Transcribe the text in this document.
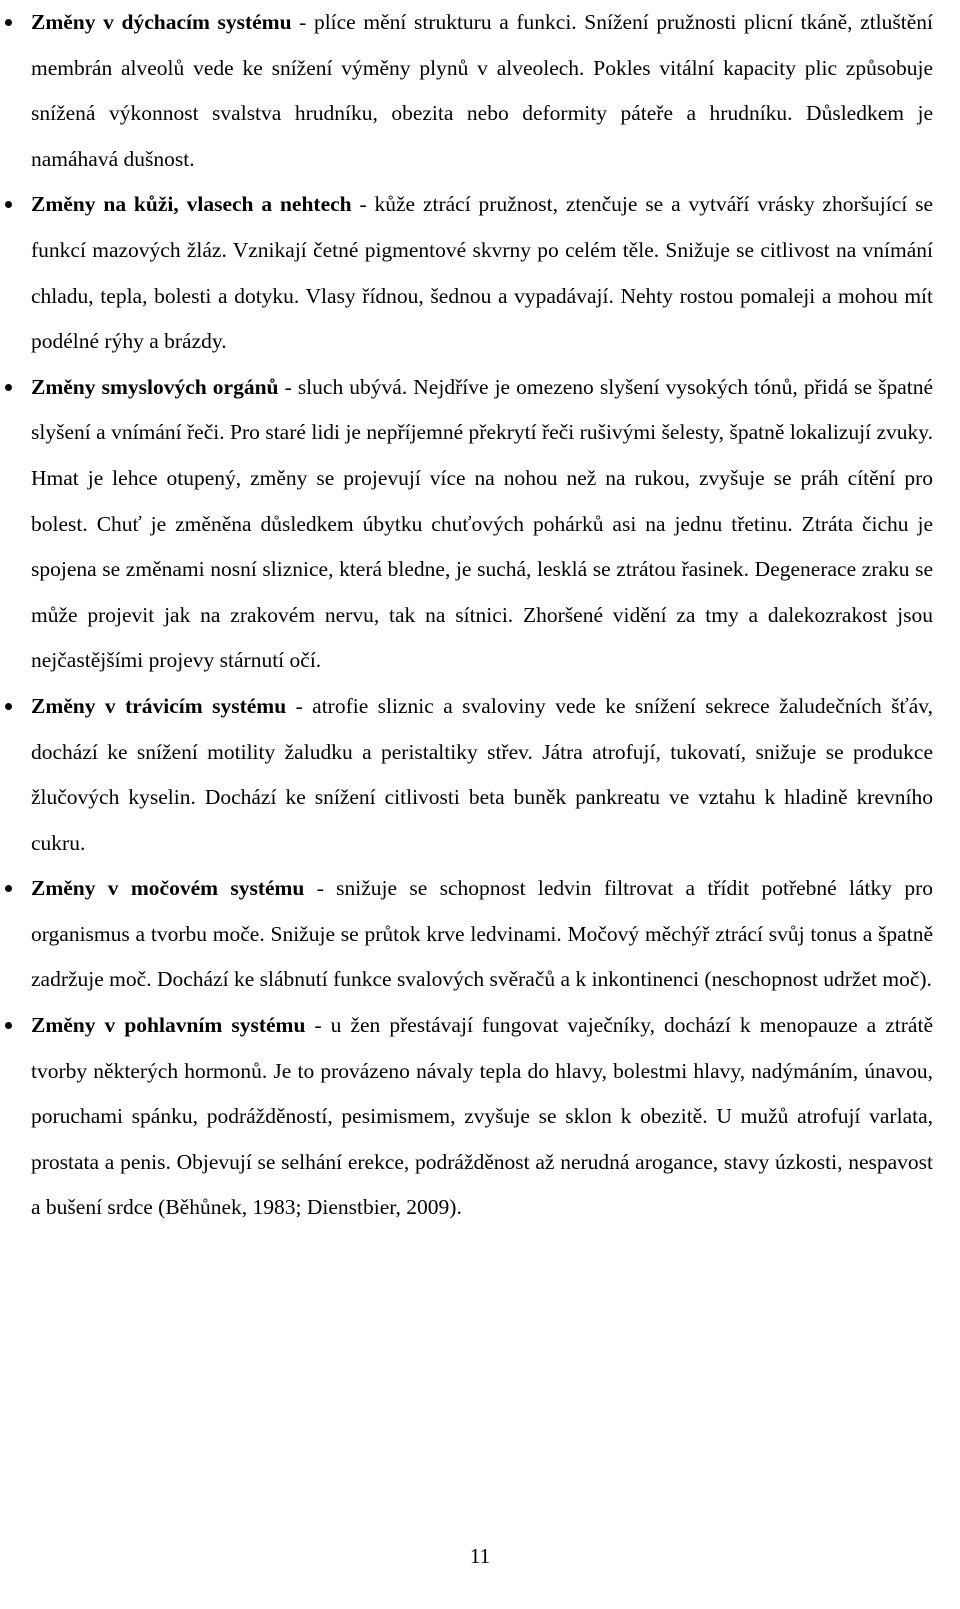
Změny v dýchacím systému - plíce mění strukturu a funkci. Snížení pružnosti plicní tkáně, ztluštění membrán alveolů vede ke snížení výměny plynů v alveolech. Pokles vitální kapacity plic způsobuje snížená výkonnost svalstva hrudníku, obezita nebo deformity páteře a hrudníku. Důsledkem je namáhavá dušnost.
Změny na kůži, vlasech a nehtech - kůže ztrácí pružnost, ztenčuje se a vytváří vrásky zhoršující se funkcí mazových žláz. Vznikají četné pigmentové skvrny po celém těle. Snižuje se citlivost na vnímání chladu, tepla, bolesti a dotyku. Vlasy řídnou, šednou a vypadávají. Nehty rostou pomaleji a mohou mít podélné rýhy a brázdy.
Změny smyslových orgánů - sluch ubývá. Nejdříve je omezeno slyšení vysokých tónů, přidá se špatné slyšení a vnímání řeči. Pro staré lidi je nepříjemné překrytí řeči rušivými šelesty, špatně lokalizují zvuky. Hmat je lehce otupený, změny se projevují více na nohou než na rukou, zvyšuje se práh cítění pro bolest. Chuť je změněna důsledkem úbytku chuťových pohárků asi na jednu třetinu. Ztráta čichu je spojena se změnami nosní sliznice, která bledne, je suchá, lesklá se ztrátou řasinek. Degenerace zraku se může projevit jak na zrakovém nervu, tak na sítnici. Zhoršené vidění za tmy a dalekozrakost jsou nejčastějšími projevy stárnutí očí.
Změny v trávicím systému - atrofie sliznic a svaloviny vede ke snížení sekrece žaludečních šťáv, dochází ke snížení motility žaludku a peristaltiky střev. Játra atrofují, tukovatí, snižuje se produkce žlučových kyselin. Dochází ke snížení citlivosti beta buněk pankreatu ve vztahu k hladině krevního cukru.
Změny v močovém systému - snižuje se schopnost ledvin filtrovat a třídit potřebné látky pro organismus a tvorbu moče. Snižuje se průtok krve ledvinami. Močový měchýř ztrácí svůj tonus a špatně zadržuje moč. Dochází ke slábnutí funkce svalových svěračů a k inkontinenci (neschopnost udržet moč).
Změny v pohlavním systému - u žen přestávají fungovat vaječníky, dochází k menopauze a ztrátě tvorby některých hormonů. Je to provázeno návaly tepla do hlavy, bolestmi hlavy, nadýmáním, únavou, poruchami spánku, podrážděností, pesimismem, zvyšuje se sklon k obezitě. U mužů atrofují varlata, prostata a penis. Objevují se selhání erekce, podrážděnost až nerudná arogance, stavy úzkosti, nespavost a bušení srdce (Běhůnek, 1983; Dienstbier, 2009).
11
